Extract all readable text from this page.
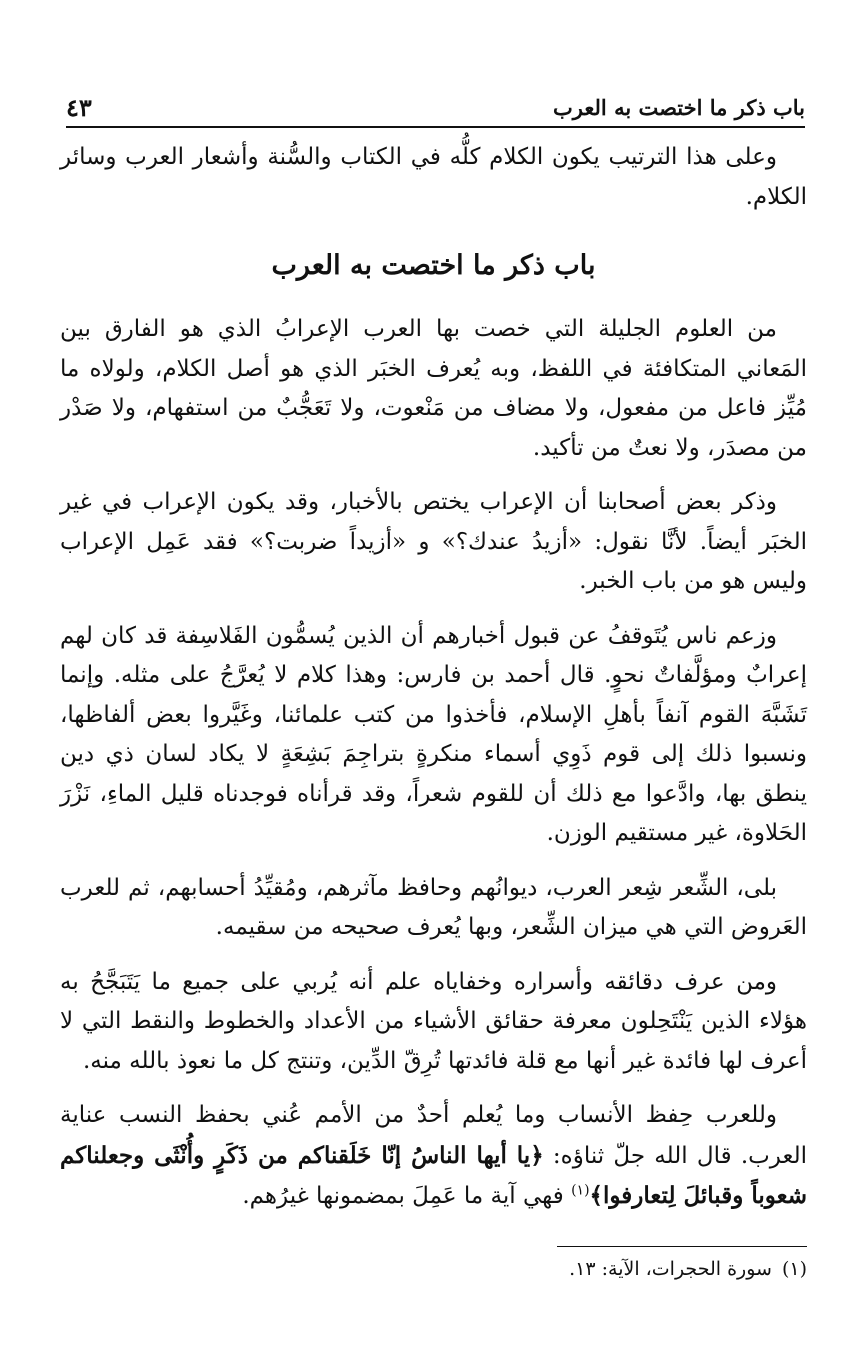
باب ذكر ما اختصت به العرب
٤٣

وعلى هذا الترتيب يكون الكلام كلُّه في الكتاب والسُّنة وأشعار العرب وسائر الكلام.

باب ذكر ما اختصت به العرب

من العلوم الجليلة التي خصت بها العرب الإعرابُ الذي هو الفارق بين المَعاني المتكافئة في اللفظ، وبه يُعرف الخبَر الذي هو أصل الكلام، ولولاه ما مُيِّز فاعل من مفعول، ولا مضاف من مَنْعوت، ولا تَعَجُّبٌ من استفهام، ولا صَدْر من مصدَر، ولا نعتٌ من تأكيد.

وذكر بعض أصحابنا أن الإعراب يختص بالأخبار، وقد يكون الإعراب في غير الخبَر أيضاً. لأنَّا نقول: «أزيدُ عندك؟» و «أزيداً ضربت؟» فقد عَمِل الإعراب وليس هو من باب الخبر.

وزعم ناس يُتَوقفُ عن قبول أخبارهم أن الذين يُسمُّون الفَلاسِفة قد كان لهم إعرابٌ ومؤلَّفاتٌ نحوٍ. قال أحمد بن فارس: وهذا كلام لا يُعرَّجُ على مثله. وإنما تَشَبَّهَ القوم آنفاً بأهلِ الإسلام، فأخذوا من كتب علمائنا، وغَيَّروا بعض ألفاظها، ونسبوا ذلك إلى قوم ذَوِي أسماء منكرةٍ بتراجِمَ بَشِعَةٍ لا يكاد لسان ذي دين ينطق بها، وادَّعوا مع ذلك أن للقوم شعراً، وقد قرأناه فوجدناه قليل الماءِ، نَزْرَ الحَلاوة، غير مستقيم الوزن.

بلى، الشِّعر شِعر العرب، ديوانُهم وحافظ مآثرهم، ومُقيِّدُ أحسابهم، ثم للعرب العَروض التي هي ميزان الشِّعر، وبها يُعرف صحيحه من سقيمه.

ومن عرف دقائقه وأسراره وخفاياه علم أنه يُربي على جميع ما يَتَبَجَّحُ به هؤلاء الذين يَنْتَحِلون معرفة حقائق الأشياء من الأعداد والخطوط والنقط التي لا أعرف لها فائدة غير أنها مع قلة فائدتها تُرِقّ الدِّين، وتنتج كل ما نعوذ بالله منه.

وللعرب حِفظ الأنساب وما يُعلم أحدٌ من الأمم عُني بحفظ النسب عناية العرب. قال الله جلّ ثناؤه: ﴿يا أيها الناسُ إنّا خَلَقناكم من ذَكَرٍ وأُنْثَى وجعلناكم شعوباً وقبائلَ لِتعارفوا﴾$^{(١)}$ فهي آية ما عَمِلَ بمضمونها غيرُهم.

(١)
سورة الحجرات، الآية: ١٣.
